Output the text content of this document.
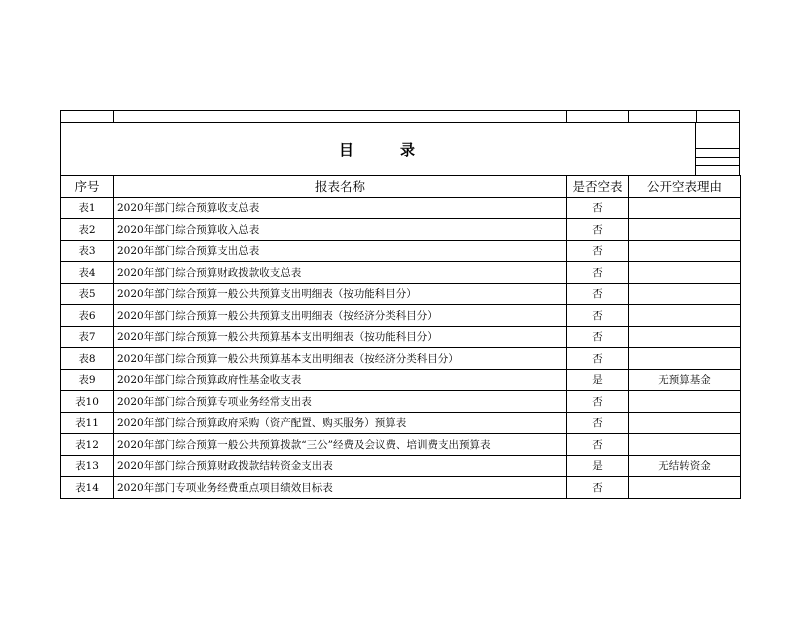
目	录
序号	报表名称	是否空表	公开空表理由
表1	2020年部门综合预算收支总表	否	
表2	2020年部门综合预算收入总表	否	
表3	2020年部门综合预算支出总表	否	
表4	2020年部门综合预算财政拨款收支总表	否	
表5	2020年部门综合预算一般公共预算支出明细表（按功能科目分）	否	
表6	2020年部门综合预算一般公共预算支出明细表（按经济分类科目分）	否	
表7	2020年部门综合预算一般公共预算基本支出明细表（按功能科目分）	否	
表8	2020年部门综合预算一般公共预算基本支出明细表（按经济分类科目分）	否	
表9	2020年部门综合预算政府性基金收支表	是	无预算基金
表10	2020年部门综合预算专项业务经常支出表	否	
表11	2020年部门综合预算政府采购（资产配置、购买服务）预算表	否	
表12	2020年部门综合预算一般公共预算拨款“三公”经费及会议费、培训费支出预算表	否	
表13	2020年部门综合预算财政拨款结转资金支出表	是	无结转资金
表14	2020年部门专项业务经费重点项目绩效目标表	否	
